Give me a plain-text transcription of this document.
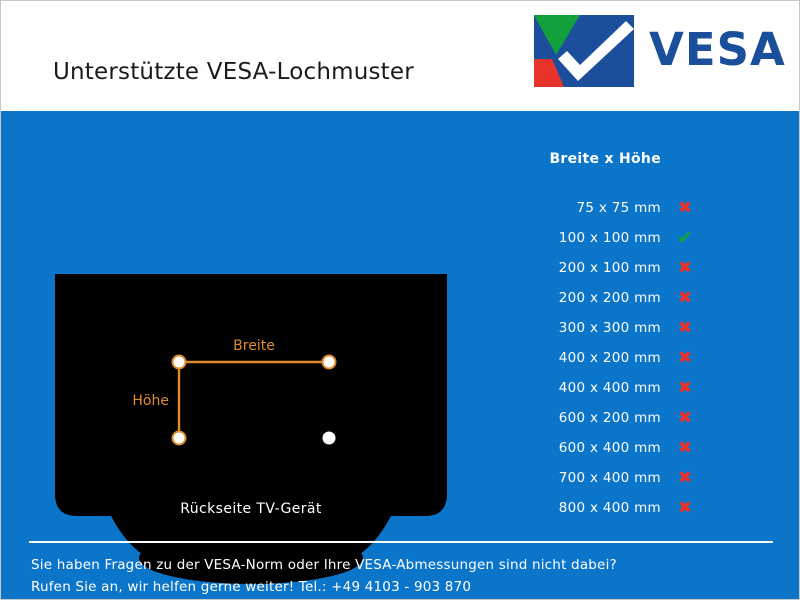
Unterstützte VESA-Lochmuster	VESA
Breite
Höhe
Rückseite TV-Gerät
Breite x Höhe
75 x 75 mm ✖
100 x 100 mm ✔
200 x 100 mm ✖
200 x 200 mm ✖
300 x 300 mm ✖
400 x 200 mm ✖
400 x 400 mm ✖
600 x 200 mm ✖
600 x 400 mm ✖
700 x 400 mm ✖
800 x 400 mm ✖
Sie haben Fragen zu der VESA-Norm oder Ihre VESA-Abmessungen sind nicht dabei?
Rufen Sie an, wir helfen gerne weiter! Tel.: +49 4103 - 903 870
